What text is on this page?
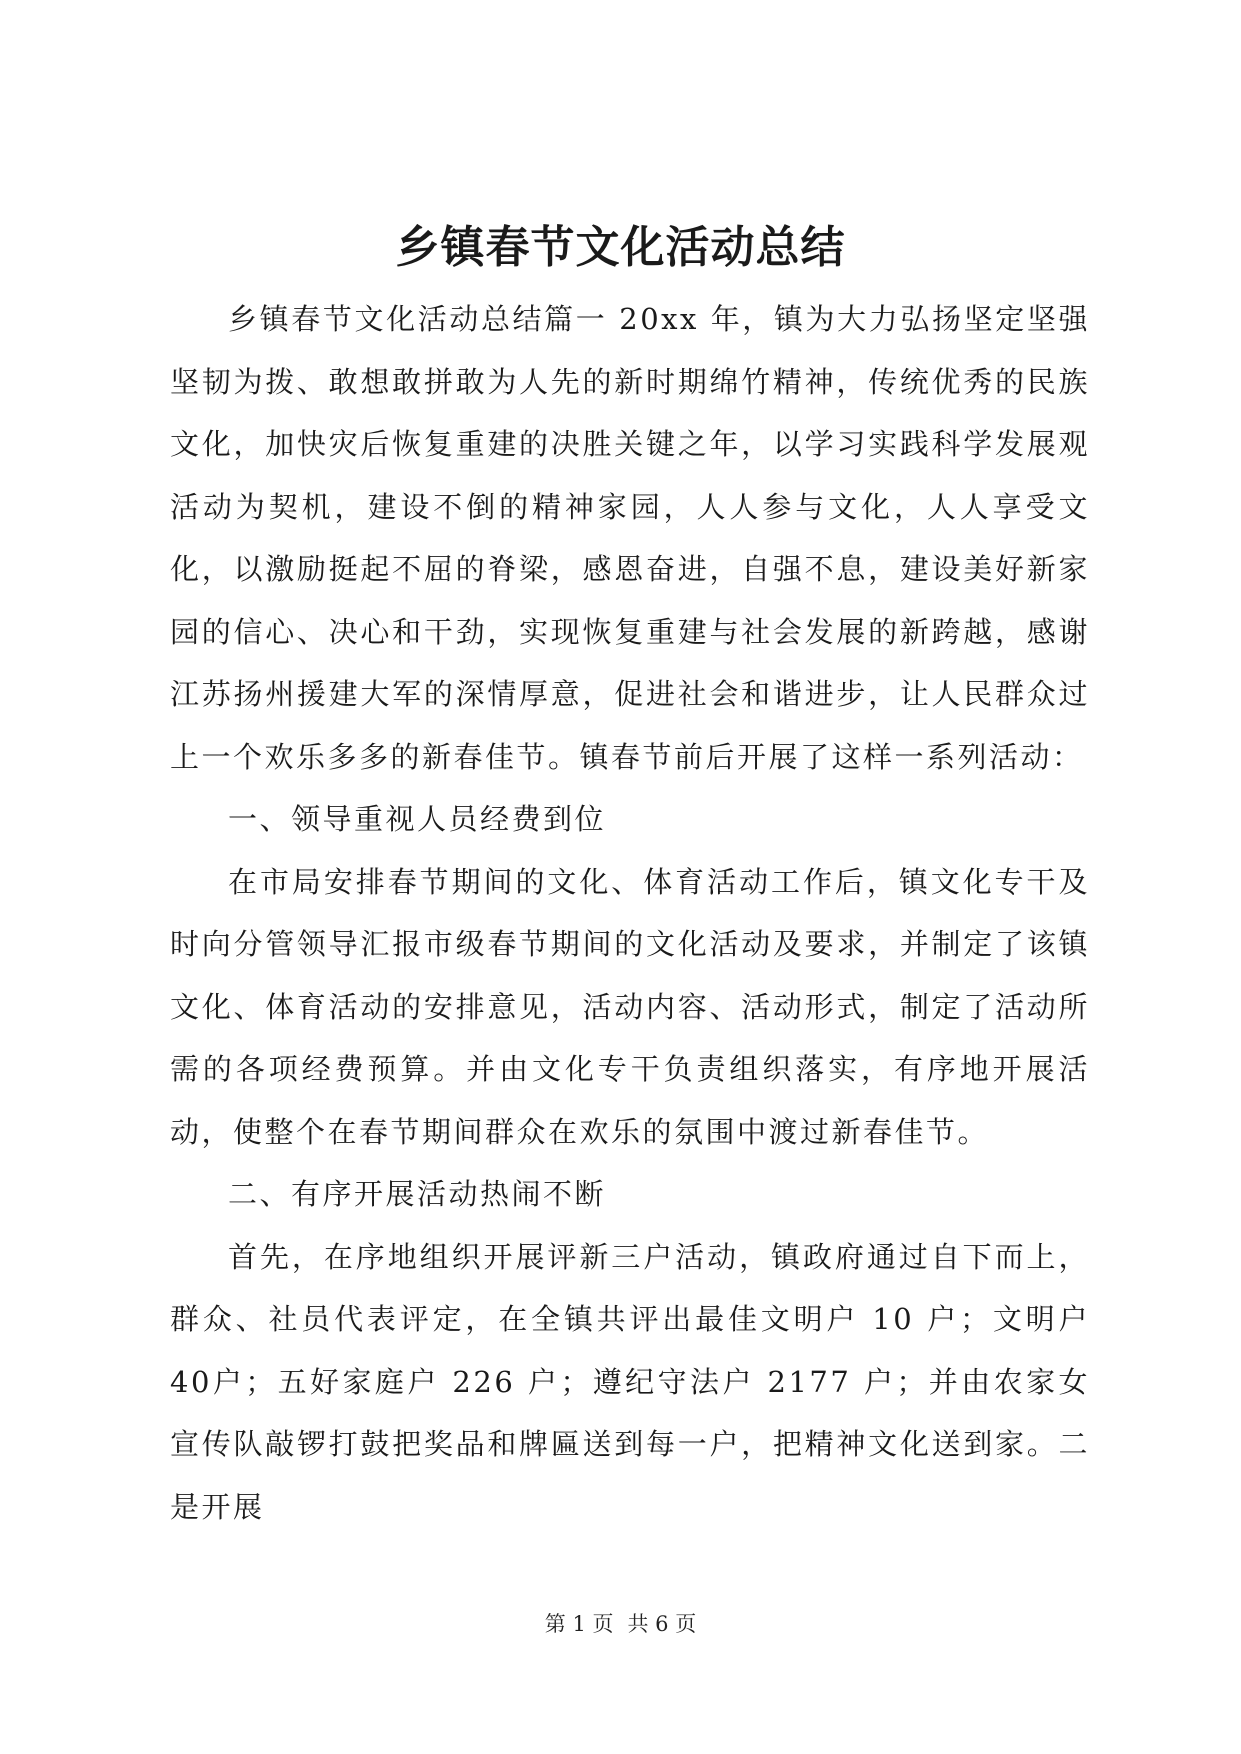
乡镇春节文化活动总结

乡镇春节文化活动总结篇一 20xx 年，镇为大力弘扬坚定坚强坚韧为拨、敢想敢拼敢为人先的新时期绵竹精神，传统优秀的民族文化，加快灾后恢复重建的决胜关键之年，以学习实践科学发展观活动为契机，建设不倒的精神家园，人人参与文化，人人享受文化，以激励挺起不屈的脊梁，感恩奋进，自强不息，建设美好新家园的信心、决心和干劲，实现恢复重建与社会发展的新跨越，感谢江苏扬州援建大军的深情厚意，促进社会和谐进步，让人民群众过上一个欢乐多多的新春佳节。镇春节前后开展了这样一系列活动：

一、领导重视人员经费到位

在市局安排春节期间的文化、体育活动工作后，镇文化专干及时向分管领导汇报市级春节期间的文化活动及要求，并制定了该镇文化、体育活动的安排意见，活动内容、活动形式，制定了活动所需的各项经费预算。并由文化专干负责组织落实，有序地开展活动，使整个在春节期间群众在欢乐的氛围中渡过新春佳节。

二、有序开展活动热闹不断

首先，在序地组织开展评新三户活动，镇政府通过自下而上，群众、社员代表评定，在全镇共评出最佳文明户 10 户；文明户 40户；五好家庭户 226 户；遵纪守法户 2177 户；并由农家女宣传队敲锣打鼓把奖品和牌匾送到每一户，把精神文化送到家。二是开展

第 1 页 共 6 页
